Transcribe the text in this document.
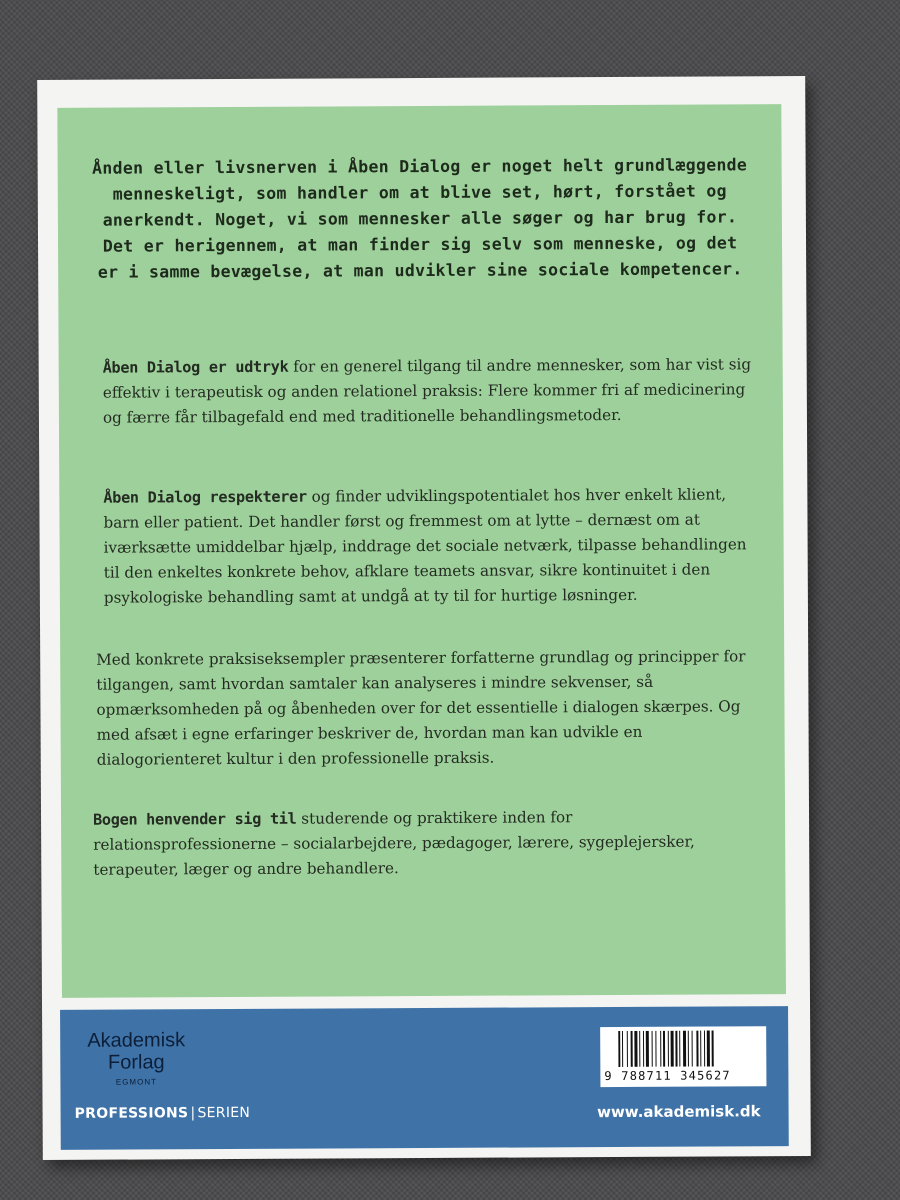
Ånden eller livsnerven i Åben Dialog er noget helt grundlæggende menneskeligt, som handler om at blive set, hørt, forstået og anerkendt. Noget, vi som mennesker alle søger og har brug for. Det er herigennem, at man finder sig selv som menneske, og det er i samme bevægelse, at man udvikler sine sociale kompetencer.
Åben Dialog er udtryk for en generel tilgang til andre mennesker, som har vist sig effektiv i terapeutisk og anden relationel praksis: Flere kommer fri af medicinering og færre får tilbagefald end med traditionelle behandlingsmetoder.
Åben Dialog respekterer og finder udviklingspotentialet hos hver enkelt klient, barn eller patient. Det handler først og fremmest om at lytte – dernæst om at iværksætte umiddelbar hjælp, inddrage det sociale netværk, tilpasse behandlingen til den enkeltes konkrete behov, afklare teamets ansvar, sikre kontinuitet i den psykologiske behandling samt at undgå at ty til for hurtige løsninger.
Med konkrete praksiseksempler præsenterer forfatterne grundlag og principper for tilgangen, samt hvordan samtaler kan analyseres i mindre sekvenser, så opmærksomheden på og åbenheden over for det essentielle i dialogen skærpes. Og med afsæt i egne erfaringer beskriver de, hvordan man kan udvikle en dialogorienteret kultur i den professionelle praksis.
Bogen henvender sig til studerende og praktikere inden for relationsprofessionerne – socialarbejdere, pædagoger, lærere, sygeplejersker, terapeuter, læger og andre behandlere.
Akademisk
Forlag
EGMONT
PROFESSIONS | SERIEN	www.akademisk.dk
9 788711 345627
